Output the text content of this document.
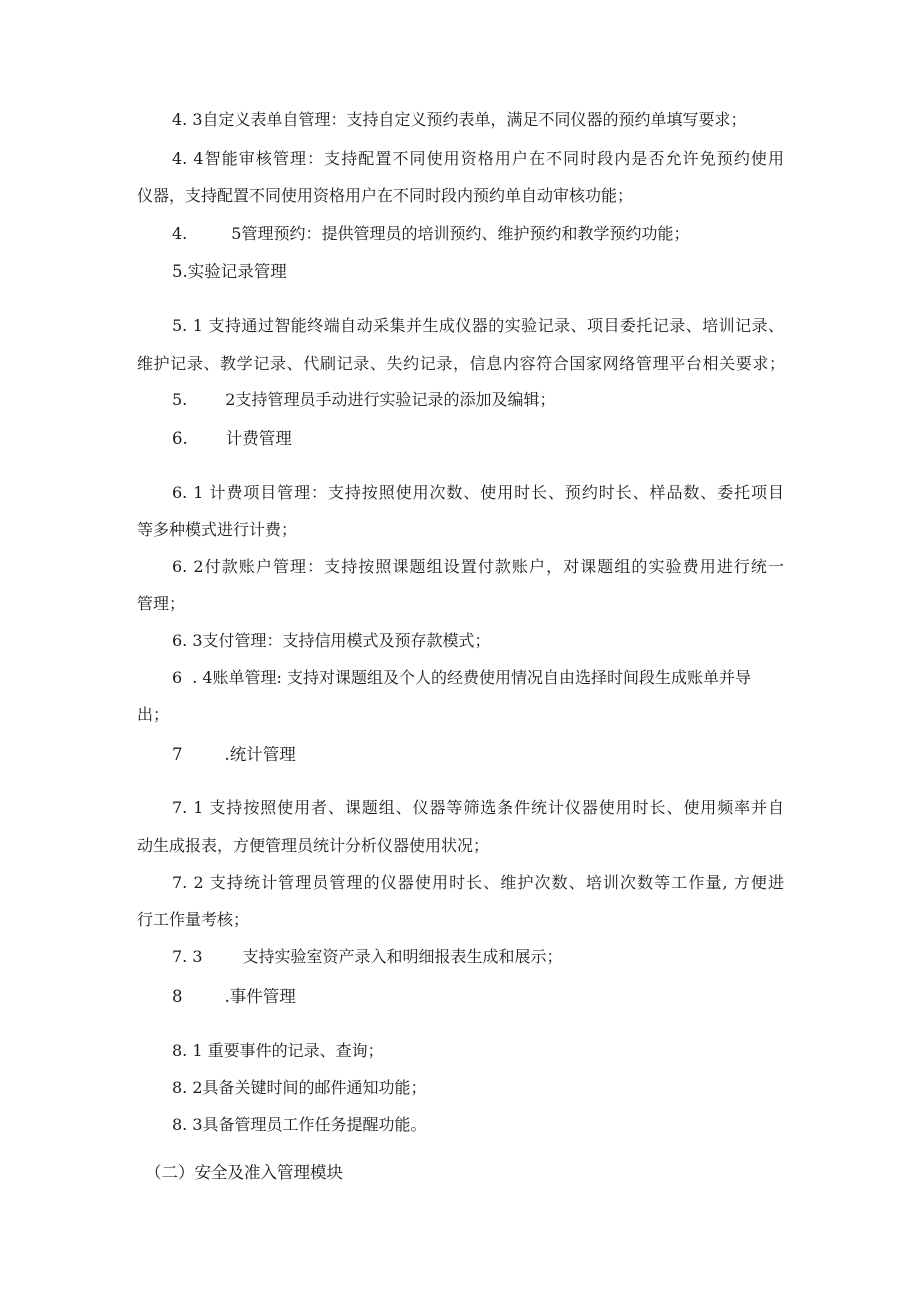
4. 3自定义表单自管理：支持自定义预约表单，满足不同仪器的预约单填写要求；
4. 4智能审核管理：支持配置不同使用资格用户在不同时段内是否允许免预约使用
仪器，支持配置不同使用资格用户在不同时段内预约单自动审核功能；
4.	5管理预约：提供管理员的培训预约、维护预约和教学预约功能；
5.实验记录管理
5. 1 支持通过智能终端自动采集并生成仪器的实验记录、项目委托记录、培训记录、
维护记录、教学记录、代刷记录、失约记录，信息内容符合国家网络管理平台相关要求；
5. 2支持管理员手动进行实验记录的添加及编辑；
6. 计费管理
6. 1 计费项目管理：支持按照使用次数、使用时长、预约时长、样品数、委托项目
等多种模式进行计费；
6. 2付款账户管理：支持按照课题组设置付款账户，对课题组的实验费用进行统一
管理；
6. 3支付管理：支持信用模式及预存款模式；
6 . 4账单管理: 支持对课题组及个人的经费使用情况自由选择时间段生成账单并导
出；
7	.统计管理
7. 1 支持按照使用者、课题组、仪器等筛选条件统计仪器使用时长、使用频率并自
动生成报表，方便管理员统计分析仪器使用状况；
7. 2 支持统计管理员管理的仪器使用时长、维护次数、培训次数等工作量, 方便进
行工作量考核；
7. 3	支持实验室资产录入和明细报表生成和展示；
8	.事件管理
8. 1 重要事件的记录、查询；
8. 2具备关键时间的邮件通知功能；
8. 3具备管理员工作任务提醒功能。
（二）安全及准入管理模块
